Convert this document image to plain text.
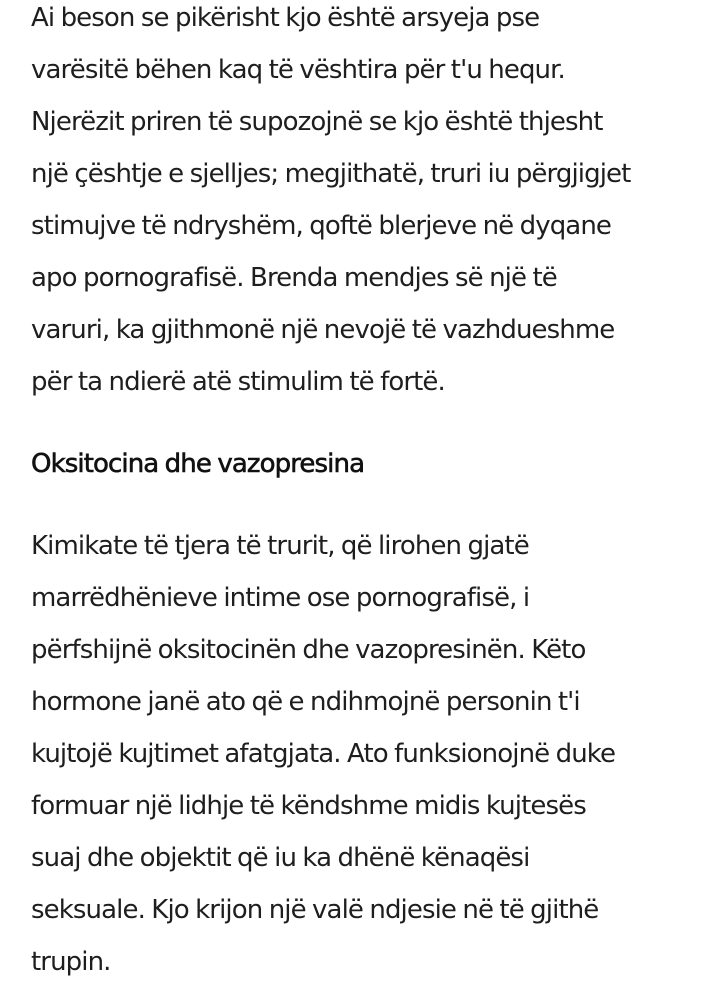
Ai beson se pikërisht kjo është arsyeja pse
varësitë bëhen kaq të vështira për t'u hequr.
Njerëzit priren të supozojnë se kjo është thjesht
një çështje e sjelljes; megjithatë, truri iu përgjigjet
stimujve të ndryshëm, qoftë blerjeve në dyqane
apo pornografisë. Brenda mendjes së një të
varuri, ka gjithmonë një nevojë të vazhdueshme
për ta ndierë atë stimulim të fortë.

Oksitocina dhe vazopresina

Kimikate të tjera të trurit, që lirohen gjatë
marrëdhënieve intime ose pornografisë, i
përfshijnë oksitocinën dhe vazopresinën. Këto
hormone janë ato që e ndihmojnë personin t'i
kujtojë kujtimet afatgjata. Ato funksionojnë duke
formuar një lidhje të këndshme midis kujtesës
suaj dhe objektit që iu ka dhënë kënaqësi
seksuale. Kjo krijon një valë ndjesie në të gjithë
trupin.
